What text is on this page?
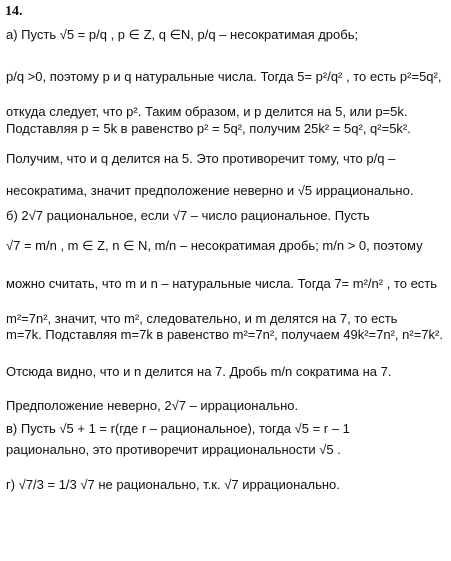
14.
а) Пусть √5 = p/q , p ∈ Z, q ∈N, p/q – несократимая дробь;
p/q >0, поэтому p и q натуральные числа. Тогда 5= p²/q² , то есть p²=5q²,
откуда следует, что p². Таким образом, и p делится на 5, или p=5k.
Подставляя p = 5k в равенство p² = 5q², получим 25k² = 5q², q²=5k².
Получим, что и q делится на 5. Это противоречит тому, что p/q –
несократима, значит предположение неверно и √5 иррационально.
б) 2√7 рациональное, если √7 – число рациональное. Пусть
√7 = m/n , m ∈ Z, n ∈ N, m/n – несократимая дробь; m/n > 0, поэтому
можно считать, что m и n – натуральные числа. Тогда 7= m²/n² , то есть
m²=7n², значит, что m², следовательно, и m делятся на 7, то есть
m=7k. Подставляя m=7k в равенство m²=7n², получаем 49k²=7n², n²=7k².
Отсюда видно, что и n делится на 7. Дробь m/n сократима на 7.
Предположение неверно, 2√7 – иррационально.
в) Пусть √5 + 1 = r(где r – рациональное), тогда √5 = r – 1
рационально, это противоречит иррациональности √5 .
г) √7/3 = 1/3 √7 не рационально, т.к. √7 иррационально.
